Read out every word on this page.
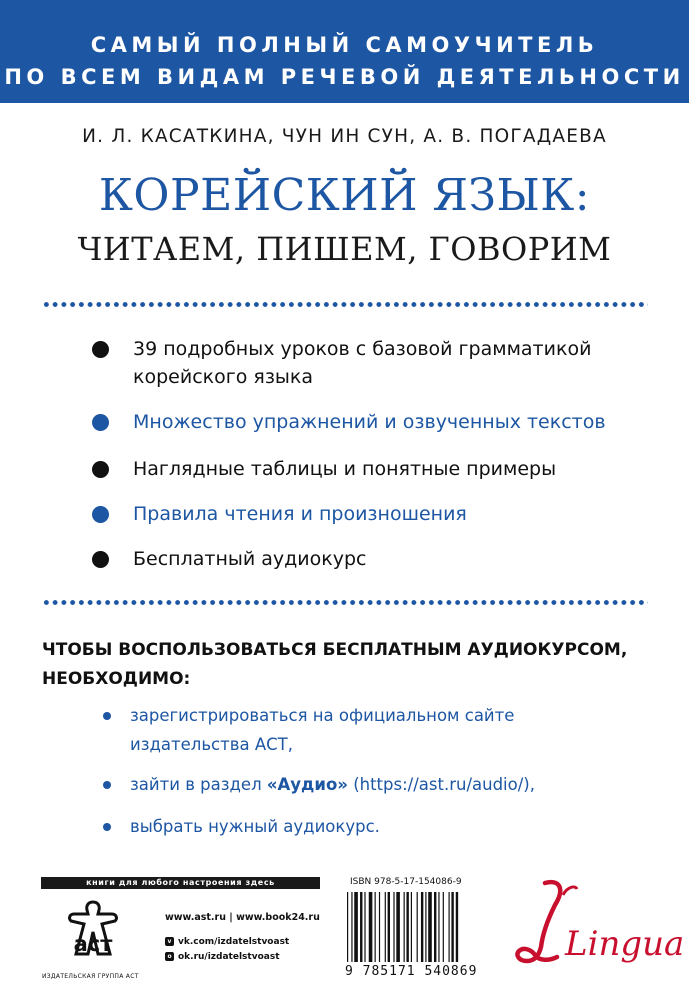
САМЫЙ ПОЛНЫЙ САМОУЧИТЕЛЬ
ПО ВСЕМ ВИДАМ РЕЧЕВОЙ ДЕЯТЕЛЬНОСТИ
И. Л. КАСАТКИНА, ЧУН ИН СУН, А. В. ПОГАДАЕВА
КОРЕЙСКИЙ ЯЗЫК:
ЧИТАЕМ, ПИШЕМ, ГОВОРИМ
39 подробных уроков с базовой грамматикой
корейского языка
Множество упражнений и озвученных текстов
Наглядные таблицы и понятные примеры
Правила чтения и произношения
Бесплатный аудиокурс
ЧТОБЫ ВОСПОЛЬЗОВАТЬСЯ БЕСПЛАТНЫМ АУДИОКУРСОМ,
НЕОБХОДИМО:
зарегистрироваться на официальном сайте
издательства АСТ,
зайти в раздел «Аудио» (https://ast.ru/audio/),
выбрать нужный аудиокурс.
книги для любого настроения здесь
аст
ИЗДАТЕЛЬСКАЯ ГРУППА АСТ
www.ast.ru | www.book24.ru
v vk.com/izdatelstvoast
o ok.ru/izdatelstvoast
ISBN 978-5-17-154086-9
9 785171 540869
Lingua
